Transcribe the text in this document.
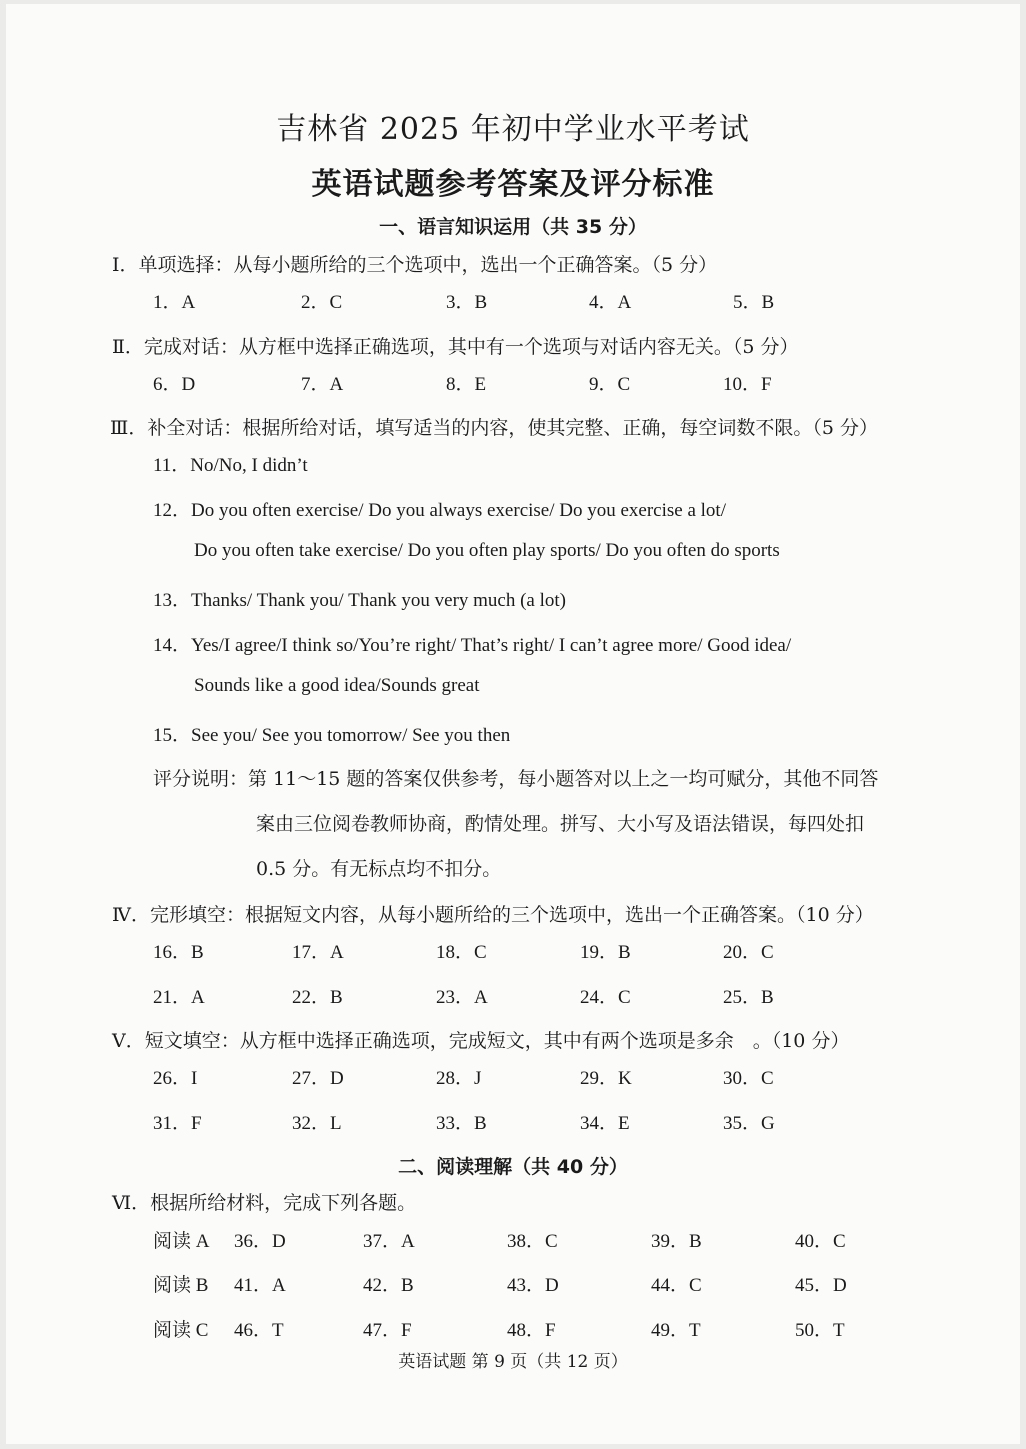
吉林省 2025 年初中学业水平考试
英语试题参考答案及评分标准
一、语言知识运用（共 35 分）
Ⅰ．单项选择：从每小题所给的三个选项中，选出一个正确答案。（5 分）
1．A	2．C	3．B	4．A	5．B
Ⅱ．完成对话：从方框中选择正确选项，其中有一个选项与对话内容无关。（5 分）
6．D	7．A	8．E	9．C	10．F
Ⅲ．补全对话：根据所给对话，填写适当的内容，使其完整、正确，每空词数不限。（5 分）
11．No/No, I didn’t
12．Do you often exercise/ Do you always exercise/ Do you exercise a lot/
Do you often take exercise/ Do you often play sports/ Do you often do sports
13．Thanks/ Thank you/ Thank you very much (a lot)
14．Yes/I agree/I think so/You’re right/ That’s right/ I can’t agree more/ Good idea/
Sounds like a good idea/Sounds great
15．See you/ See you tomorrow/ See you then
评分说明：第 11～15 题的答案仅供参考，每小题答对以上之一均可赋分，其他不同答
案由三位阅卷教师协商，酌情处理。拼写、大小写及语法错误，每四处扣
0.5 分。有无标点均不扣分。
Ⅳ．完形填空：根据短文内容，从每小题所给的三个选项中，选出一个正确答案。（10 分）
16．B	17．A	18．C	19．B	20．C
21．A	22．B	23．A	24．C	25．B
Ⅴ．短文填空：从方框中选择正确选项，完成短文，其中有两个选项是多余　。（10 分）
26．I	27．D	28．J	29．K	30．C
31．F	32．L	33．B	34．E	35．G
二、阅读理解（共 40 分）
Ⅵ．根据所给材料，完成下列各题。
阅读 A 36．D	37．A	38．C	39．B	40．C
阅读 B 41．A	42．B	43．D	44．C	45．D
阅读 C 46．T	47．F	48．F	49．T	50．T
英语试题 第 9 页（共 12 页）
